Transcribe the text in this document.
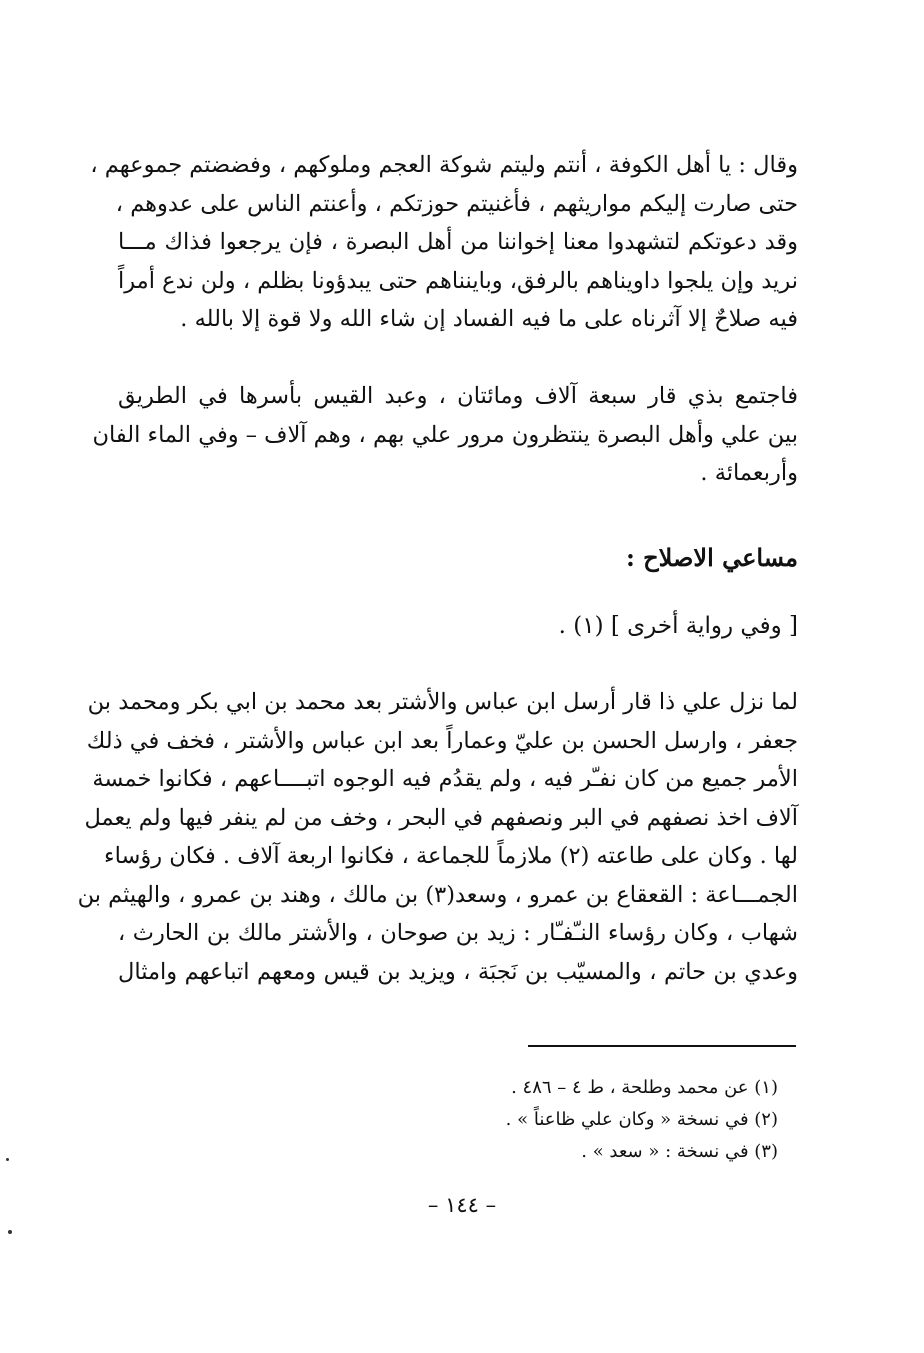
وقال : يا أهل الكوفة ، أنتم وليتم شوكة العجم وملوكهم ، وفضضتم جموعهم ،
حتى صارت إليكم مواريثهم ، فأغنيتم حوزتكم ، وأعنتم الناس على عدوهم ،
وقد دعوتكم لتشهدوا معنا إخواننا من أهل البصرة ، فإن يرجعوا فذاك مـــا
نريد وإن يلجوا داويناهم بالرفق، وباينناهم حتى يبدؤونا بظلم ، ولن ندع أمراً
فيه صلاحٌ إلا آثرناه على ما فيه الفساد إن شاء الله ولا قوة إلا بالله .
فاجتمع بذي قار سبعة آلاف ومائتان ، وعبد القيس بأسرها في الطريق
بين علي وأهل البصرة ينتظرون مرور علي بهم ، وهم آلاف – وفي الماء الفان
وأربعمائة .
مساعي الاصلاح :
[ وفي رواية أخرى ] (١) .
لما نزل علي ذا قار أرسل ابن عباس والأشتر بعد محمد بن ابي بكر ومحمد بن
جعفر ، وارسل الحسن بن عليّ وعماراً بعد ابن عباس والأشتر ، فخف في ذلك
الأمر جميع من كان نفـّر فيه ، ولم يقدُم فيه الوجوه اتبــــاعهم ، فكانوا خمسة
آلاف اخذ نصفهم في البر ونصفهم في البحر ، وخف من لم ينفر فيها ولم يعمل
لها . وكان على طاعته (٢) ملازماً للجماعة ، فكانوا اربعة آلاف . فكان رؤساء
الجمـــاعة : القعقاع بن عمرو ، وسعد(٣) بن مالك ، وهند بن عمرو ، والهيثم بن
شهاب ، وكان رؤساء النـّفـّار : زيد بن صوحان ، والأشتر مالك بن الحارث ،
وعدي بن حاتم ، والمسيّب بن نَجبَة ، ويزيد بن قيس ومعهم اتباعهم وامثال
(١) عن محمد وطلحة ، ط ٤ – ٤٨٦ .
(٢) في نسخة « وكان علي ظاعناً » .
(٣) في نسخة : « سعد » .
– ١٤٤ –
